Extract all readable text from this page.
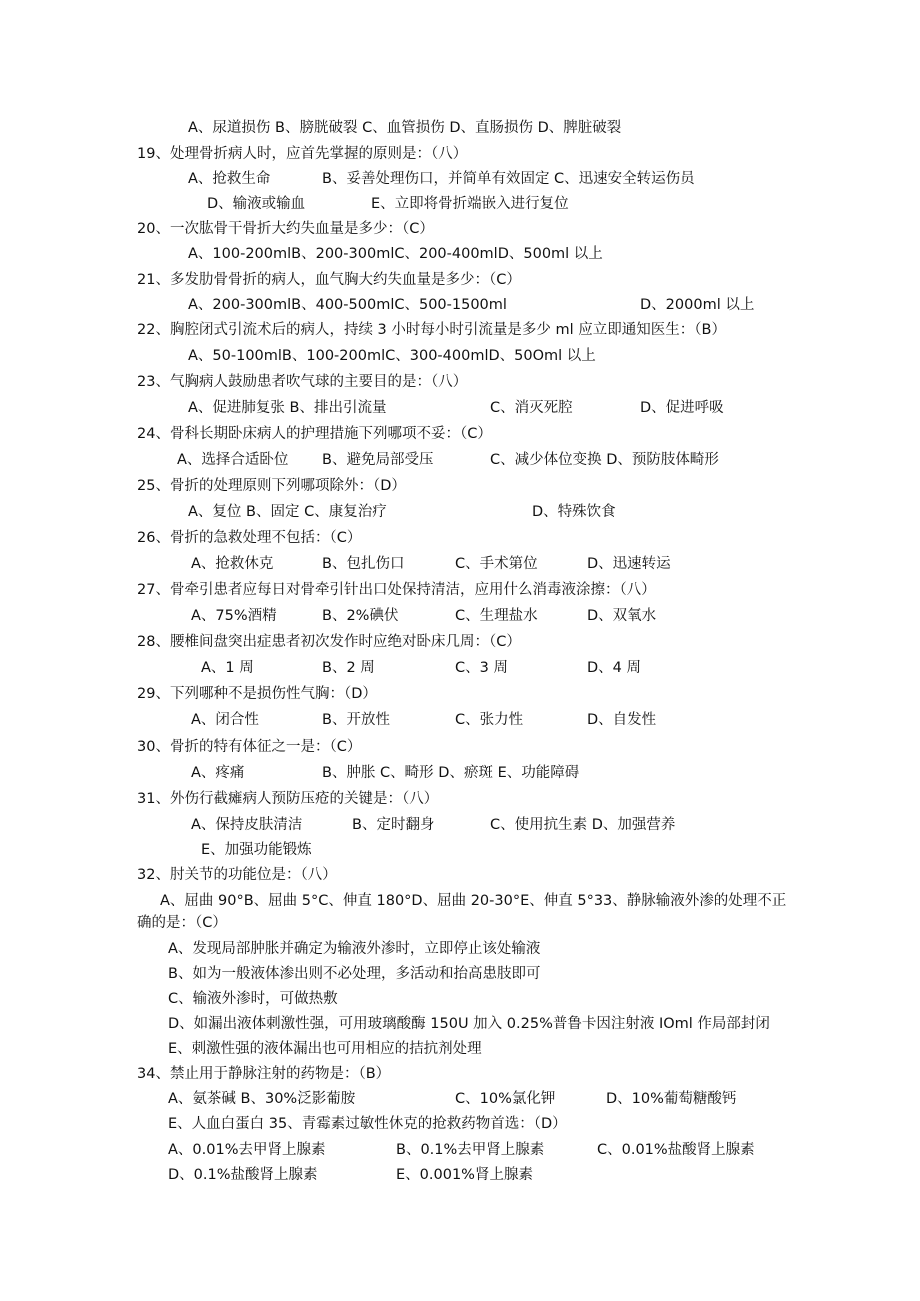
A、尿道损伤 B、膀胱破裂 C、血管损伤 D、直肠损伤 D、脾脏破裂
19、处理骨折病人时，应首先掌握的原则是：（八）
A、抢救生命	B、妥善处理伤口，并简单有效固定 C、迅速安全转运伤员
D、输液或输血	E、立即将骨折端嵌入进行复位
20、一次肱骨干骨折大约失血量是多少：（C）
A、100-200mlB、200-300mlC、200-400mlD、500ml 以上
21、多发肋骨骨折的病人，血气胸大约失血量是多少：（C）
A、200-300mlB、400-500mlC、500-1500ml	D、2000ml 以上
22、胸腔闭式引流术后的病人，持续 3 小时每小时引流量是多少 ml 应立即通知医生：（B）
A、50-100mlB、100-200mlC、300-400mlD、50Oml 以上
23、气胸病人鼓励患者吹气球的主要目的是：（八）
A、促进肺复张 B、排出引流量	C、消灭死腔	D、促进呼吸
24、骨科长期卧床病人的护理措施下列哪项不妥：（C）
A、选择合适卧位 B、避免局部受压	C、减少体位变换 D、预防肢体畸形
25、骨折的处理原则下列哪项除外：（D）
A、复位 B、固定 C、康复治疗	D、特殊饮食
26、骨折的急救处理不包括：（C）
A、抢救休克	B、包扎伤口	C、手术第位	D、迅速转运
27、骨牵引患者应每日对骨牵引针出口处保持清洁，应用什么消毒液涂擦：（八）
A、75%酒精	B、2%碘伏	C、生理盐水	D、双氧水
28、腰椎间盘突出症患者初次发作时应绝对卧床几周：（C）
A、1 周	B、2 周	C、3 周	D、4 周
29、下列哪种不是损伤性气胸：（D）
A、闭合性	B、开放性	C、张力性	D、自发性
30、骨折的特有体征之一是：（C）
A、疼痛	B、肿胀 C、畸形 D、瘀斑 E、功能障碍
31、外伤行截瘫病人预防压疮的关键是：（八）
A、保持皮肤清洁	B、定时翻身	C、使用抗生素 D、加强营养
E、加强功能锻炼
32、肘关节的功能位是：（八）
A、屈曲 90°B、屈曲 5°C、伸直 180°D、屈曲 20-30°E、伸直 5°33、静脉输液外渗的处理不正
确的是：（C）
A、发现局部肿胀并确定为输液外渗时，立即停止该处输液
B、如为一般液体渗出则不必处理，多活动和抬高患肢即可
C、输液外渗时，可做热敷
D、如漏出液体刺激性强，可用玻璃酸酶 150U 加入 0.25%普鲁卡因注射液 IOml 作局部封闭
E、刺激性强的液体漏出也可用相应的拮抗剂处理
34、禁止用于静脉注射的药物是：（B）
A、氨茶碱 B、30%泛影葡胺	C、10%氯化钾	D、10%葡萄糖酸钙
E、人血白蛋白 35、青霉素过敏性休克的抢救药物首选：（D）
A、0.01%去甲肾上腺素	B、0.1%去甲肾上腺素	C、0.01%盐酸肾上腺素
D、0.1%盐酸肾上腺素	E、0.001%肾上腺素
